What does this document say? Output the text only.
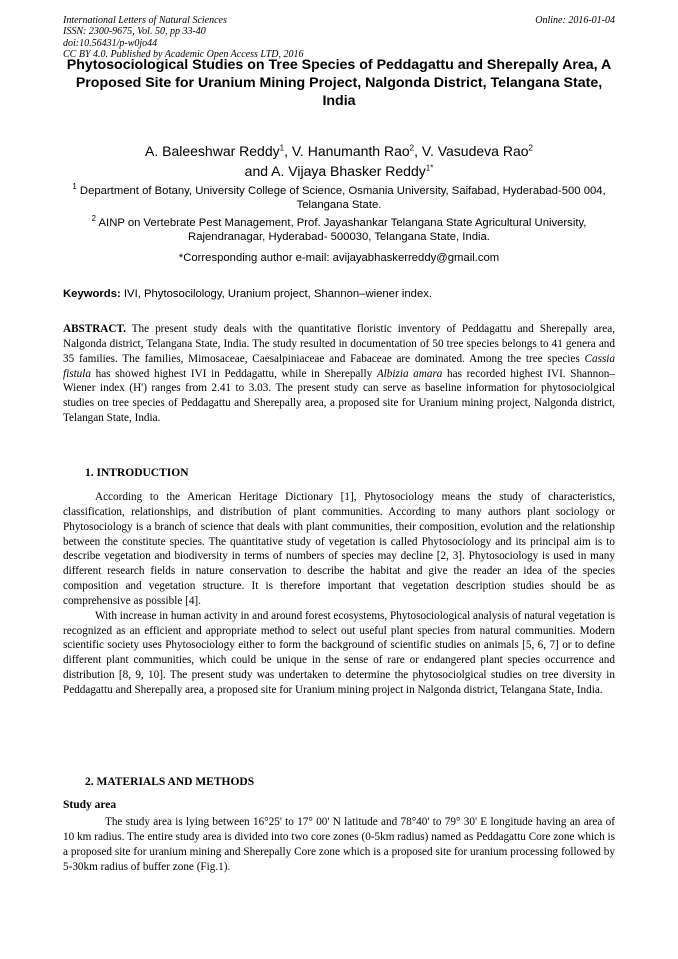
International Letters of Natural Sciences
ISSN: 2300-9675, Vol. 50, pp 33-40
doi:10.56431/p-w0jo44
CC BY 4.0. Published by Academic Open Access LTD, 2016
Online: 2016-01-04
Phytosociological Studies on Tree Species of Peddagattu and Sherepally Area, A Proposed Site for Uranium Mining Project, Nalgonda District, Telangana State, India
A. Baleeshwar Reddy$^1$, V. Hanumanth Rao$^2$, V. Vasudeva Rao$^2$
and A. Vijaya Bhasker Reddy$^{1*}$
$^1$ Department of Botany, University College of Science, Osmania University, Saifabad, Hyderabad-500 004, Telangana State.
$^2$ AINP on Vertebrate Pest Management, Prof. Jayashankar Telangana State Agricultural University, Rajendranagar, Hyderabad- 500030, Telangana State, India.
*Corresponding author e-mail: avijayabhaskerreddy@gmail.com
Keywords: IVI, Phytosocilology, Uranium project, Shannon–wiener index.
ABSTRACT. The present study deals with the quantitative floristic inventory of Peddagattu and Sherepally area, Nalgonda district, Telangana State, India. The study resulted in documentation of 50 tree species belongs to 41 genera and 35 families. The families, Mimosaceae, Caesalpiniaceae and Fabaceae are dominated. Among the tree species Cassia fistula has showed highest IVI in Peddagattu, while in Sherepally Albizia amara has recorded highest IVI. Shannon–Wiener index (H') ranges from 2.41 to 3.03. The present study can serve as baseline information for phytosociolgical studies on tree species of Peddagattu and Sherepally area, a proposed site for Uranium mining project, Nalgonda district, Telangan State, India.
1. INTRODUCTION

According to the American Heritage Dictionary [1], Phytosociology means the study of characteristics, classification, relationships, and distribution of plant communities. According to many authors plant sociology or Phytosociology is a branch of science that deals with plant communities, their composition, evolution and the relationship between the constitute species. The quantitative study of vegetation is called Phytosociology and its principal aim is to describe vegetation and biodiversity in terms of numbers of species may decline [2, 3]. Phytosociology is used in many different research fields in nature conservation to describe the habitat and give the reader an idea of the species composition and vegetation structure. It is therefore important that vegetation description studies should be as comprehensive as possible [4].

With increase in human activity in and around forest ecosystems, Phytosociological analysis of natural vegetation is recognized as an efficient and appropriate method to select out useful plant species from natural communities. Modern scientific society uses Phytosociology either to form the background of scientific studies on animals [5, 6, 7] or to define different plant communities, which could be unique in the sense of rare or endangered plant species occurrence and distribution [8, 9, 10]. The present study was undertaken to determine the phytosociolgical studies on tree diversity in Peddagattu and Sherepally area, a proposed site for Uranium mining project in Nalgonda district, Telangana State, India.

2. MATERIALS AND METHODS
Study area

The study area is lying between 16°25' to 17° 00' N latitude and 78°40' to 79° 30' E longitude having an area of 10 km radius. The entire study area is divided into two core zones (0-5km radius) named as Peddagattu Core zone which is a proposed site for uranium mining and Sherepally Core zone which is a proposed site for uranium processing followed by 5-30km radius of buffer zone (Fig.1).
